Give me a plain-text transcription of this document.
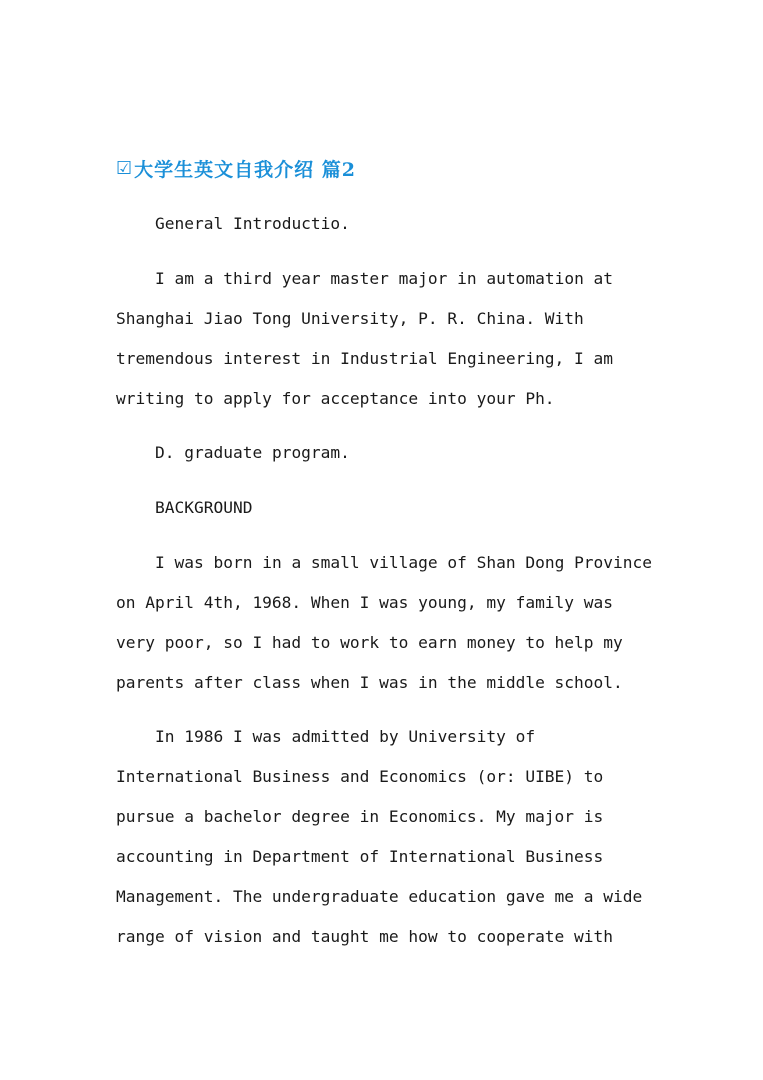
☑ 大学生英文自我介绍 篇2
General Introductio.
I am a third year master major in automation at
Shanghai Jiao Tong University, P. R. China. With
tremendous interest in Industrial Engineering, I am
writing to apply for acceptance into your Ph.
D. graduate program.
BACKGROUND
I was born in a small village of Shan Dong Province
on April 4th, 1968. When I was young, my family was
very poor, so I had to work to earn money to help my
parents after class when I was in the middle school.
In 1986 I was admitted by University of
International Business and Economics (or: UIBE) to
pursue a bachelor degree in Economics. My major is
accounting in Department of International Business
Management. The undergraduate education gave me a wide
range of vision and taught me how to cooperate with
